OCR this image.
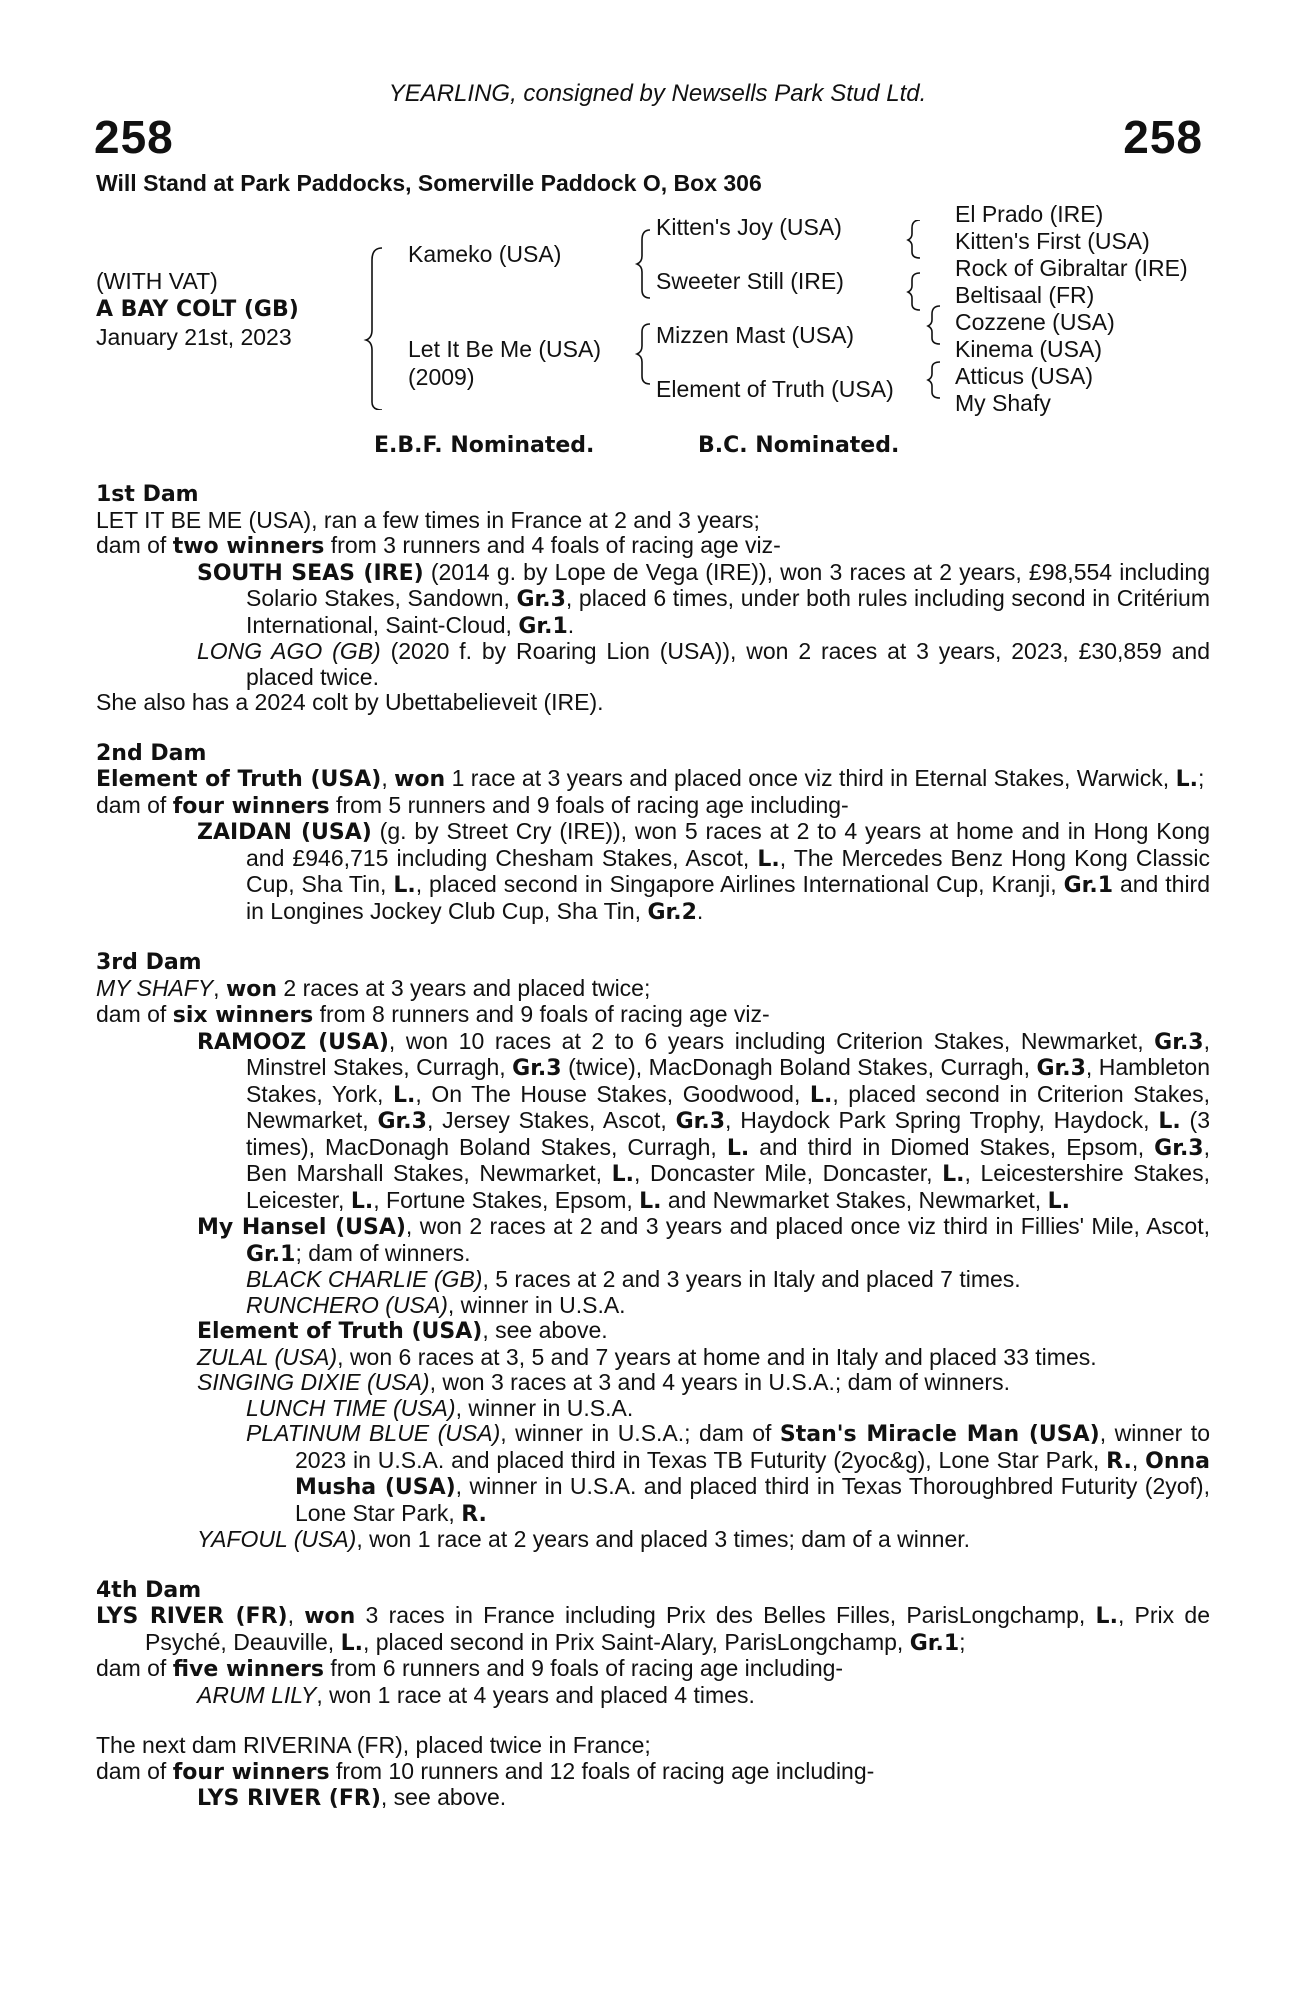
YEARLING, consigned by Newsells Park Stud Ltd.
258	258
Will Stand at Park Paddocks, Somerville Paddock O, Box 306
(WITH VAT)
A BAY COLT (GB)
January 21st, 2023
Kameko (USA)
Let It Be Me (USA)
(2009)
Kitten's Joy (USA)
Sweeter Still (IRE)
Mizzen Mast (USA)
Element of Truth (USA)
El Prado (IRE)
Kitten's First (USA)
Rock of Gibraltar (IRE)
Beltisaal (FR)
Cozzene (USA)
Kinema (USA)
Atticus (USA)
My Shafy
E.B.F. Nominated.	B.C. Nominated.

1st Dam

LET IT BE ME (USA), ran a few times in France at 2 and 3 years;

dam of two winners from 3 runners and 4 foals of racing age viz-

SOUTH SEAS (IRE) (2014 g. by Lope de Vega (IRE)), won 3 races at 2 years, £98,554 including Solario Stakes, Sandown, Gr.3, placed 6 times, under both rules including second in Critérium International, Saint-Cloud, Gr.1.

LONG AGO (GB) (2020 f. by Roaring Lion (USA)), won 2 races at 3 years, 2023, £30,859 and placed twice.

She also has a 2024 colt by Ubettabelieveit (IRE).

2nd Dam

Element of Truth (USA), won 1 race at 3 years and placed once viz third in Eternal Stakes, Warwick, L.;

dam of four winners from 5 runners and 9 foals of racing age including-

ZAIDAN (USA) (g. by Street Cry (IRE)), won 5 races at 2 to 4 years at home and in Hong Kong and £946,715 including Chesham Stakes, Ascot, L., The Mercedes Benz Hong Kong Classic Cup, Sha Tin, L., placed second in Singapore Airlines International Cup, Kranji, Gr.1 and third in Longines Jockey Club Cup, Sha Tin, Gr.2.

3rd Dam

MY SHAFY, won 2 races at 3 years and placed twice;

dam of six winners from 8 runners and 9 foals of racing age viz-

RAMOOZ (USA), won 10 races at 2 to 6 years including Criterion Stakes, Newmarket, Gr.3, Minstrel Stakes, Curragh, Gr.3 (twice), MacDonagh Boland Stakes, Curragh, Gr.3, Hambleton Stakes, York, L., On The House Stakes, Goodwood, L., placed second in Criterion Stakes, Newmarket, Gr.3, Jersey Stakes, Ascot, Gr.3, Haydock Park Spring Trophy, Haydock, L. (3 times), MacDonagh Boland Stakes, Curragh, L. and third in Diomed Stakes, Epsom, Gr.3, Ben Marshall Stakes, Newmarket, L., Doncaster Mile, Doncaster, L., Leicestershire Stakes, Leicester, L., Fortune Stakes, Epsom, L. and Newmarket Stakes, Newmarket, L.

My Hansel (USA), won 2 races at 2 and 3 years and placed once viz third in Fillies' Mile, Ascot, Gr.1; dam of winners.

BLACK CHARLIE (GB), 5 races at 2 and 3 years in Italy and placed 7 times.

RUNCHERO (USA), winner in U.S.A.

Element of Truth (USA), see above.

ZULAL (USA), won 6 races at 3, 5 and 7 years at home and in Italy and placed 33 times.

SINGING DIXIE (USA), won 3 races at 3 and 4 years in U.S.A.; dam of winners.

LUNCH TIME (USA), winner in U.S.A.

PLATINUM BLUE (USA), winner in U.S.A.; dam of Stan's Miracle Man (USA), winner to 2023 in U.S.A. and placed third in Texas TB Futurity (2yoc&g), Lone Star Park, R., Onna Musha (USA), winner in U.S.A. and placed third in Texas Thoroughbred Futurity (2yof), Lone Star Park, R.

YAFOUL (USA), won 1 race at 2 years and placed 3 times; dam of a winner.

4th Dam

LYS RIVER (FR), won 3 races in France including Prix des Belles Filles, ParisLongchamp, L., Prix de Psyché, Deauville, L., placed second in Prix Saint-Alary, ParisLongchamp, Gr.1;

dam of five winners from 6 runners and 9 foals of racing age including-

ARUM LILY, won 1 race at 4 years and placed 4 times.

The next dam RIVERINA (FR), placed twice in France;

dam of four winners from 10 runners and 12 foals of racing age including-

LYS RIVER (FR), see above.
